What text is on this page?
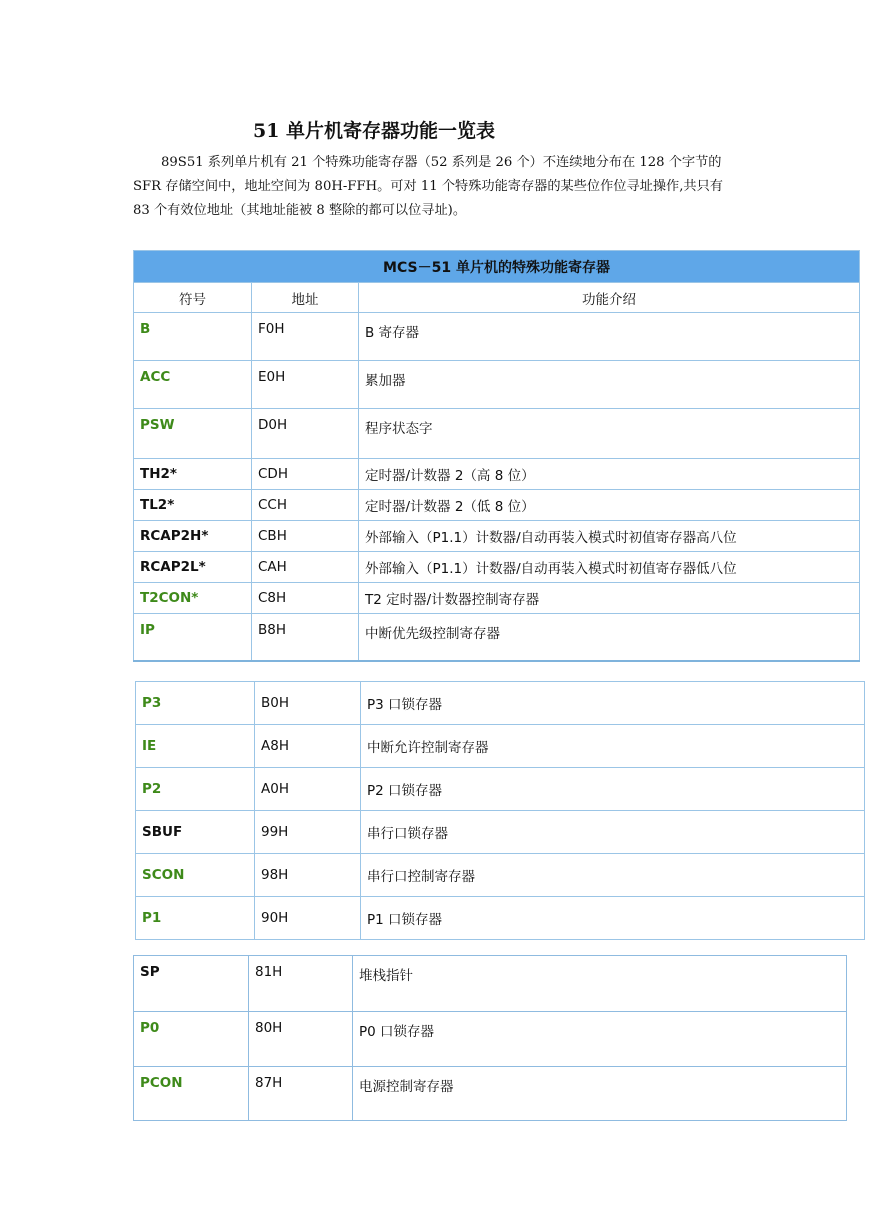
51 单片机寄存器功能一览表

89S51 系列单片机有 21 个特殊功能寄存器（52 系列是 26 个）不连续地分布在 128 个字节的 SFR 存储空间中，地址空间为 80H-FFH。可对 11 个特殊功能寄存器的某些位作位寻址操作,共只有 83 个有效位地址（其地址能被 8 整除的都可以位寻址)。

MCS－51 单片机的特殊功能寄存器		
符号	地址	功能介绍
B	F0H	B 寄存器
ACC	E0H	累加器
PSW	D0H	程序状态字
TH2*	CDH	定时器/计数器 2（高 8 位）
TL2*	CCH	定时器/计数器 2（低 8 位）
RCAP2H*	CBH	外部输入（P1.1）计数器/自动再装入模式时初值寄存器高八位
RCAP2L*	CAH	外部输入（P1.1）计数器/自动再装入模式时初值寄存器低八位
T2CON*	C8H	T2 定时器/计数器控制寄存器
IP	B8H	中断优先级控制寄存器
P3	B0H	P3 口锁存器
IE	A8H	中断允许控制寄存器
P2	A0H	P2 口锁存器
SBUF	99H	串行口锁存器
SCON	98H	串行口控制寄存器
P1	90H	P1 口锁存器
SP	81H	堆栈指针
P0	80H	P0 口锁存器
PCON	87H	电源控制寄存器
